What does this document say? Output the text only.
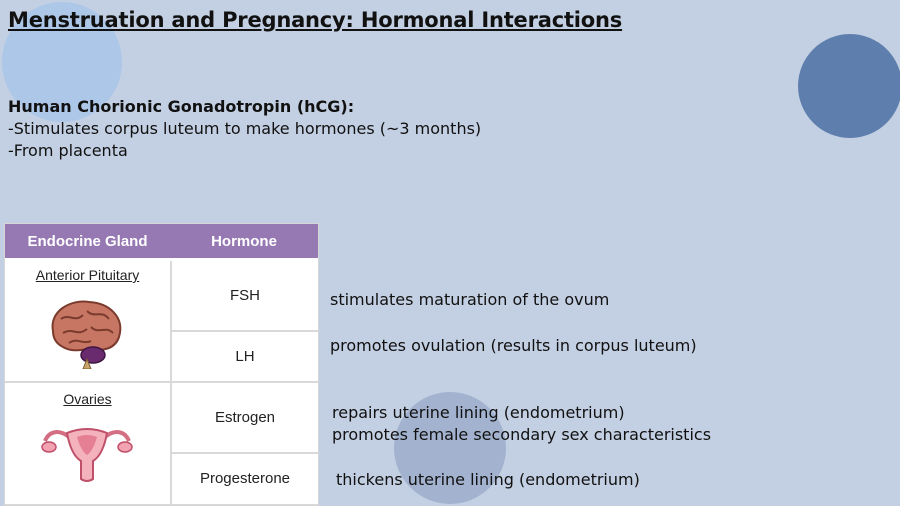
Menstruation and Pregnancy: Hormonal Interactions
Human Chorionic Gonadotropin (hCG):
-Stimulates corpus luteum to make hormones (~3 months)
-From placenta
Endocrine Gland	Hormone
Anterior Pituitary
FSH
LH
Ovaries
Estrogen
Progesterone
stimulates maturation of the ovum
promotes ovulation (results in corpus luteum)
repairs uterine lining (endometrium)
promotes female secondary sex characteristics
thickens uterine lining (endometrium)
